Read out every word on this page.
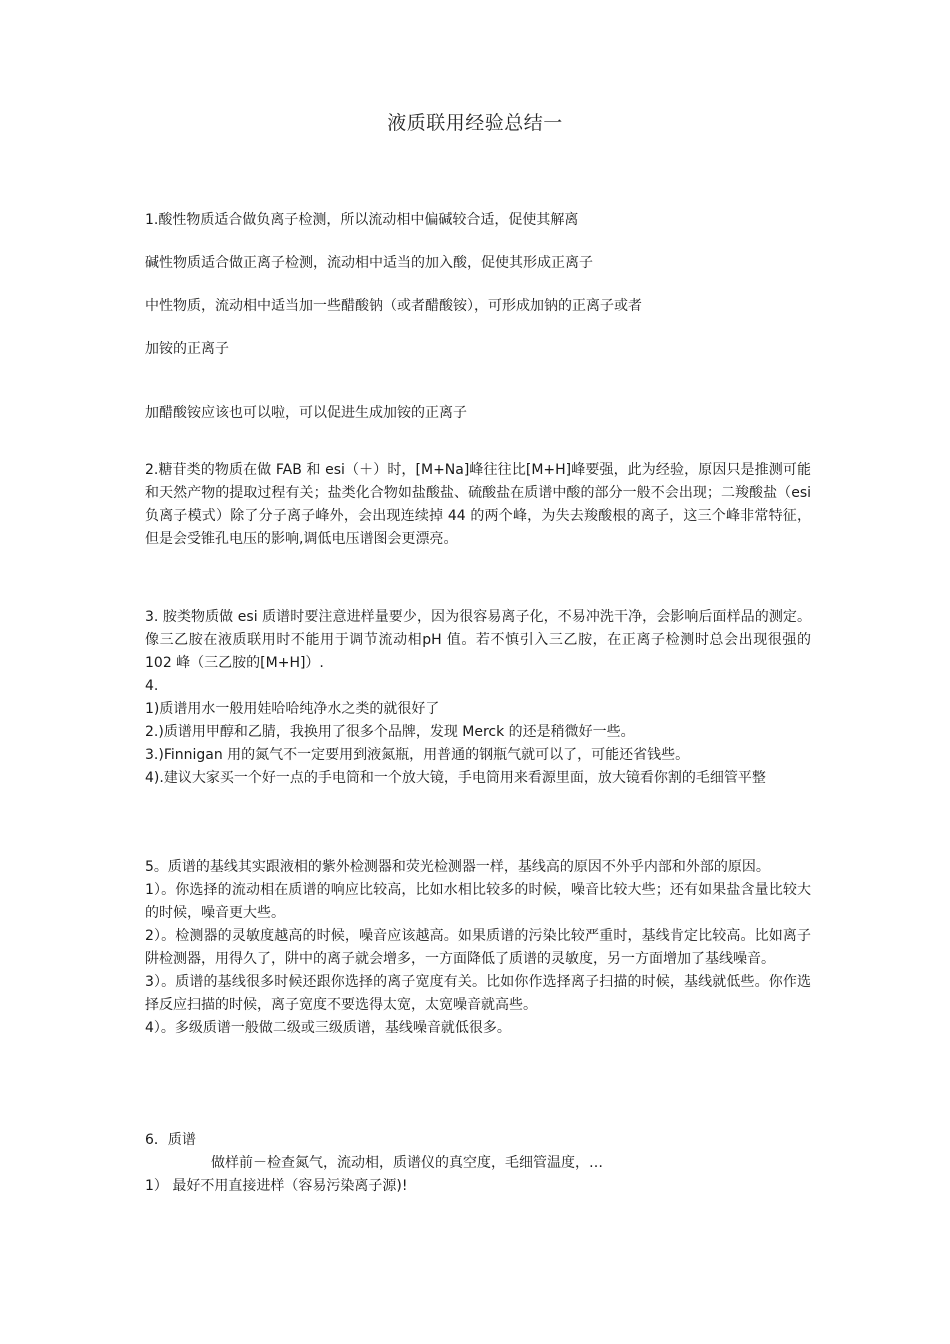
液质联用经验总结一

1.酸性物质适合做负离子检测，所以流动相中偏碱较合适，促使其解离

碱性物质适合做正离子检测，流动相中适当的加入酸，促使其形成正离子

中性物质，流动相中适当加一些醋酸钠（或者醋酸铵），可形成加钠的正离子或者

加铵的正离子

加醋酸铵应该也可以啦，可以促进生成加铵的正离子

2.糖苷类的物质在做 FAB 和 esi（＋）时，[M+Na]峰往往比[M+H]峰要强，此为经验，原因只是推测可能和天然产物的提取过程有关；盐类化合物如盐酸盐、硫酸盐在质谱中酸的部分一般不会出现；二羧酸盐（esi 负离子模式）除了分子离子峰外，会出现连续掉 44 的两个峰，为失去羧酸根的离子，这三个峰非常特征，但是会受锥孔电压的影响,调低电压谱图会更漂亮。

3. 胺类物质做 esi 质谱时要注意进样量要少，因为很容易离子化，不易冲洗干净，会影响后面样品的测定。像三乙胺在液质联用时不能用于调节流动相pH 值。若不慎引入三乙胺，在正离子检测时总会出现很强的 102 峰（三乙胺的[M+H]）.

4.

1)质谱用水一般用娃哈哈纯净水之类的就很好了

2.)质谱用甲醇和乙腈，我换用了很多个品牌，发现 Merck 的还是稍微好一些。

3.)Finnigan 用的氮气不一定要用到液氮瓶，用普通的钢瓶气就可以了，可能还省钱些。

4).建议大家买一个好一点的手电筒和一个放大镜，手电筒用来看源里面，放大镜看你割的毛细管平整

5。质谱的基线其实跟液相的紫外检测器和荧光检测器一样，基线高的原因不外乎内部和外部的原因。

1）。你选择的流动相在质谱的响应比较高，比如水相比较多的时候，噪音比较大些；还有如果盐含量比较大的时候，噪音更大些。

2）。检测器的灵敏度越高的时候，噪音应该越高。如果质谱的污染比较严重时，基线肯定比较高。比如离子阱检测器，用得久了，阱中的离子就会增多，一方面降低了质谱的灵敏度，另一方面增加了基线噪音。

3）。质谱的基线很多时候还跟你选择的离子宽度有关。比如你作选择离子扫描的时候，基线就低些。你作选择反应扫描的时候，离子宽度不要选得太宽，太宽噪音就高些。

4）。多级质谱一般做二级或三级质谱，基线噪音就低很多。

6．质谱

做样前－检查氮气，流动相，质谱仪的真空度，毛细管温度，…

1） 最好不用直接进样（容易污染离子源)!
